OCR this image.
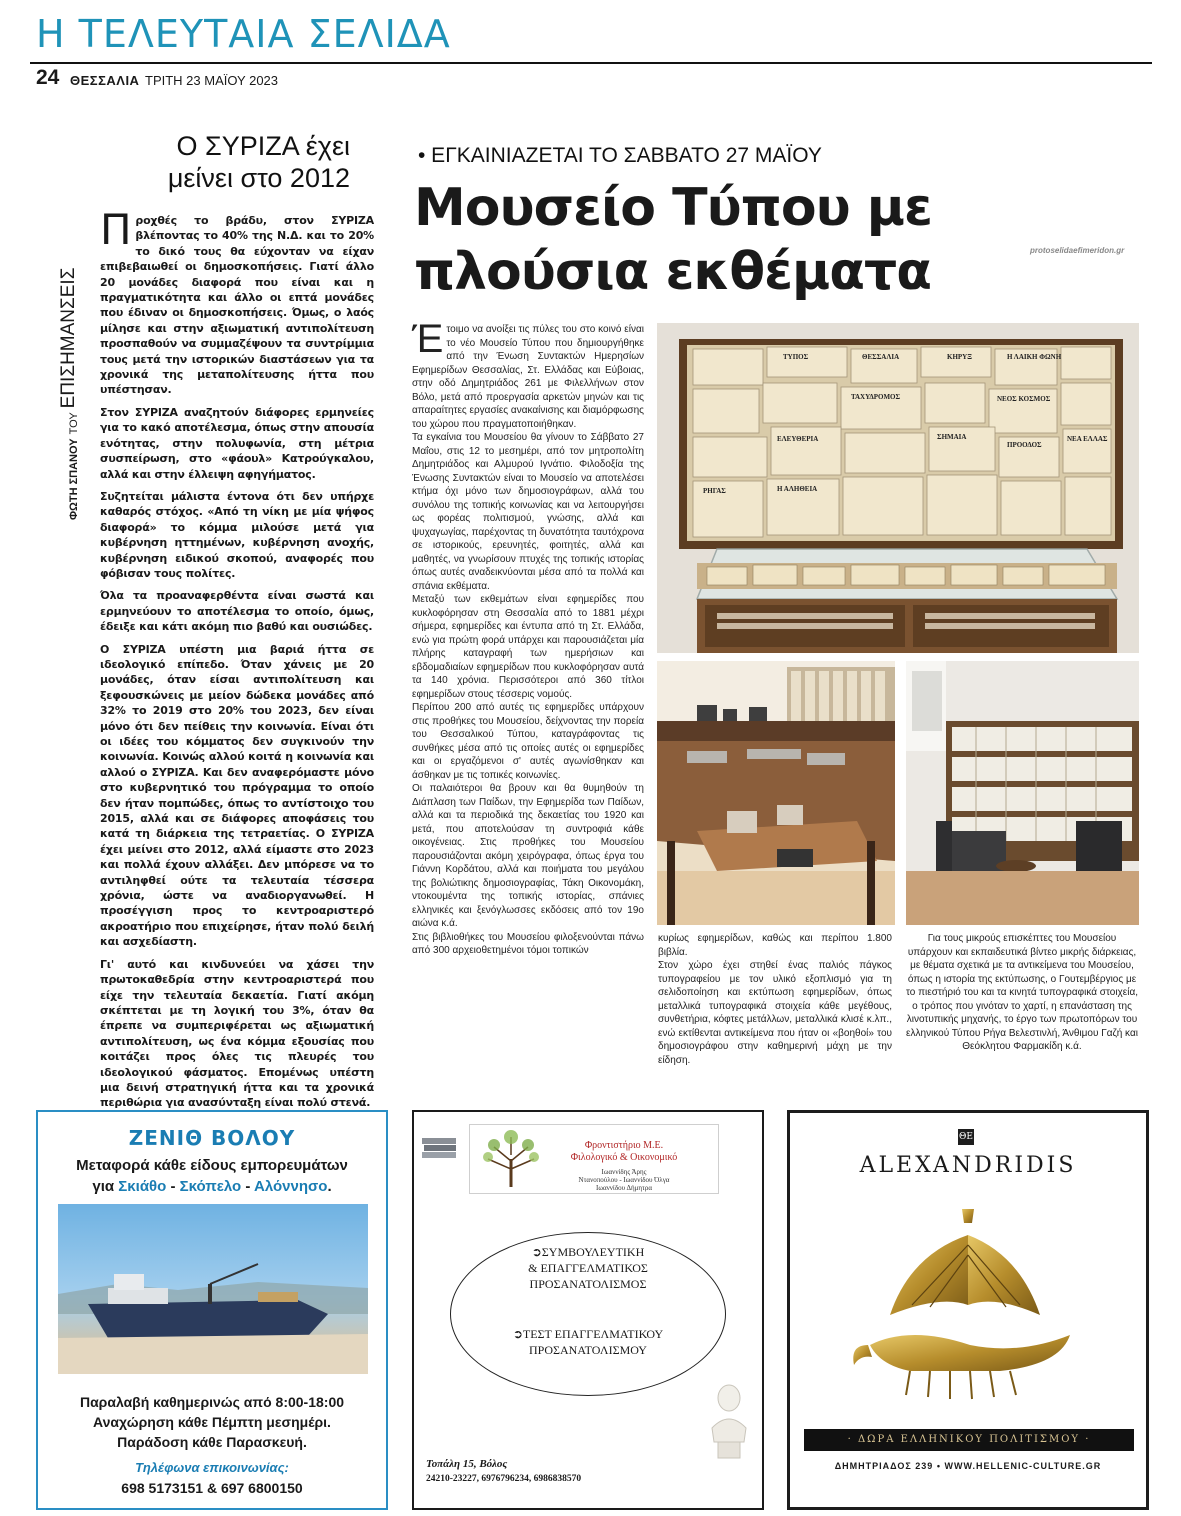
Η ΤΕΛΕΥΤΑΙΑ ΣΕΛΙΔΑ
24 ΘΕΣΣΑΛΙΑ ΤΡΙΤΗ 23 ΜΑΪΟΥ 2023
ΦΩΤΗ ΣΠΑΝΟΥ
ΤΟΥ
ΕΠΙΣΗΜΑΝΣΕΙΣ
Ο ΣΥΡΙΖΑ έχει
μείνει στο 2012

Προχθές το βράδυ, στον ΣΥΡΙΖΑ βλέποντας το 40% της Ν.Δ. και το 20% το δικό τους θα εύχονταν να είχαν επιβεβαιωθεί οι δημοσκοπήσεις. Γιατί άλλο 20 μονάδες διαφορά που είναι και η πραγματικότητα και άλλο οι επτά μονάδες που έδιναν οι δημοσκοπήσεις. Όμως, ο λαός μίλησε και στην αξιωματική αντιπολίτευση προσπαθούν να συμμαζέψουν τα συντρίμμια τους μετά την ιστορικών διαστάσεων για τα χρονικά της μεταπολίτευσης ήττα που υπέστησαν.

Στον ΣΥΡΙΖΑ αναζητούν διάφορες ερμηνείες για το κακό αποτέλεσμα, όπως στην απουσία ενότητας, στην πολυφωνία, στη μέτρια συσπείρωση, στο «φάουλ» Κατρούγκαλου, αλλά και στην έλλειψη αφηγήματος.

Συζητείται μάλιστα έντονα ότι δεν υπήρχε καθαρός στόχος. «Από τη νίκη με μία ψήφος διαφορά» το κόμμα μιλούσε μετά για κυβέρνηση ηττημένων, κυβέρνηση ανοχής, κυβέρνηση ειδικού σκοπού, αναφορές που φόβισαν τους πολίτες.

Όλα τα προαναφερθέντα είναι σωστά και ερμηνεύουν το αποτέλεσμα το οποίο, όμως, έδειξε και κάτι ακόμη πιο βαθύ και ουσιώδες.

Ο ΣΥΡΙΖΑ υπέστη μια βαριά ήττα σε ιδεολογικό επίπεδο. Όταν χάνεις με 20 μονάδες, όταν είσαι αντιπολίτευση και ξεφουσκώνεις με μείον δώδεκα μονάδες από 32% το 2019 στο 20% του 2023, δεν είναι μόνο ότι δεν πείθεις την κοινωνία. Είναι ότι οι ιδέες του κόμματος δεν συγκινούν την κοινωνία. Κοινώς αλλού κοιτά η κοινωνία και αλλού ο ΣΥΡΙΖΑ. Και δεν αναφερόμαστε μόνο στο κυβερνητικό του πρόγραμμα το οποίο δεν ήταν πομπώδες, όπως το αντίστοιχο του 2015, αλλά και σε διάφορες αποφάσεις του κατά τη διάρκεια της τετραετίας. Ο ΣΥΡΙΖΑ έχει μείνει στο 2012, αλλά είμαστε στο 2023 και πολλά έχουν αλλάξει. Δεν μπόρεσε να το αντιληφθεί ούτε τα τελευταία τέσσερα χρόνια, ώστε να αναδιοργανωθεί. Η προσέγγιση προς το κεντροαριστερό ακροατήριο που επιχείρησε, ήταν πολύ δειλή και ασχεδίαστη.

Γι' αυτό και κινδυνεύει να χάσει την πρωτοκαθεδρία στην κεντροαριστερά που είχε την τελευταία δεκαετία. Γιατί ακόμη σκέπτεται με τη λογική του 3%, όταν θα έπρεπε να συμπεριφέρεται ως αξιωματική αντιπολίτευση, ως ένα κόμμα εξουσίας που κοιτάζει προς όλες τις πλευρές του ιδεολογικού φάσματος. Επομένως υπέστη μια δεινή στρατηγική ήττα και τα χρονικά περιθώρια για ανασύνταξη είναι πολύ στενά.

• ΕΓΚΑΙΝΙΑΖΕΤΑΙ ΤΟ ΣΑΒΒΑΤΟ 27 ΜΑΪΟΥ
Μουσείο Τύπου με
πλούσια εκθέματα	protoselidaefimeridon.gr

Έτοιμο να ανοίξει τις πύλες του στο κοινό είναι το νέο Μουσείο Τύπου που δημιουργήθηκε από την Ένωση Συντακτών Ημερησίων Εφημερίδων Θεσσαλίας, Στ. Ελλάδας και Εύβοιας, στην οδό Δημητριάδος 261 με Φιλελλήνων στον Βόλο, μετά από προεργασία αρκετών μηνών και τις απαραίτητες εργασίες ανακαίνισης και διαμόρφωσης του χώρου που πραγματοποιήθηκαν.

Τα εγκαίνια του Μουσείου θα γίνουν το Σάββατο 27 Μαΐου, στις 12 το μεσημέρι, από τον μητροπολίτη Δημητριάδος και Αλμυρού Ιγνάτιο. Φιλοδοξία της Ένωσης Συντακτών είναι το Μουσείο να αποτελέσει κτήμα όχι μόνο των δημοσιογράφων, αλλά του συνόλου της τοπικής κοινωνίας και να λειτουργήσει ως φορέας πολιτισμού, γνώσης, αλλά και ψυχαγωγίας, παρέχοντας τη δυνατότητα ταυτόχρονα σε ιστορικούς, ερευνητές, φοιτητές, αλλά και μαθητές, να γνωρίσουν πτυχές της τοπικής ιστορίας όπως αυτές αναδεικνύονται μέσα από τα πολλά και σπάνια εκθέματα.

Μεταξύ των εκθεμάτων είναι εφημερίδες που κυκλοφόρησαν στη Θεσσαλία από το 1881 μέχρι σήμερα, εφημερίδες και έντυπα από τη Στ. Ελλάδα, ενώ για πρώτη φορά υπάρχει και παρουσιάζεται μία πλήρης καταγραφή των ημερήσιων και εβδομαδιαίων εφημερίδων που κυκλοφόρησαν αυτά τα 140 χρόνια. Περισσότεροι από 360 τίτλοι εφημερίδων στους τέσσερις νομούς.

Περίπου 200 από αυτές τις εφημερίδες υπάρχουν στις προθήκες του Μουσείου, δείχνοντας την πορεία του Θεσσαλικού Τύπου, καταγράφοντας τις συνθήκες μέσα από τις οποίες αυτές οι εφημερίδες και οι εργαζόμενοι σ' αυτές αγωνίσθηκαν και άσθηκαν με τις τοπικές κοινωνίες.

Οι παλαιότεροι θα βρουν και θα θυμηθούν τη Διάπλαση των Παίδων, την Εφημερίδα των Παίδων, αλλά και τα περιοδικά της δεκαετίας του 1920 και μετά, που αποτελούσαν τη συντροφιά κάθε οικογένειας. Στις προθήκες του Μουσείου παρουσιάζονται ακόμη χειρόγραφα, όπως έργα του Γιάννη Κορδάτου, αλλά και ποιήματα του μεγάλου της βολιώτικης δημοσιογραφίας, Τάκη Οικονομάκη, ντοκουμέντα της τοπικής ιστορίας, σπάνιες ελληνικές και ξενόγλωσσες εκδόσεις από τον 19ο αιώνα κ.ά.

Στις βιβλιοθήκες του Μουσείου φιλοξενούνται πάνω από 300 αρχειοθετημένοι τόμοι τοπικών

κυρίως εφημερίδων, καθώς και περίπου 1.800 βιβλία.

Στον χώρο έχει στηθεί ένας παλιός πάγκος τυπογραφείου με τον υλικό εξοπλισμό για τη σελιδοποίηση και εκτύπωση εφημερίδων, όπως μεταλλικά τυπογραφικά στοιχεία κάθε μεγέθους, συνθετήρια, κόφτες μετάλλων, μεταλλικά κλισέ κ.λπ., ενώ εκτίθενται αντικείμενα που ήταν οι «βοηθοί» του δημοσιογράφου στην καθημερινή μάχη με την είδηση.

Για τους μικρούς επισκέπτες του Μουσείου υπάρχουν και εκπαιδευτικά βίντεο μικρής διάρκειας, με θέματα σχετικά με τα αντικείμενα του Μουσείου, όπως η ιστορία της εκτύπωσης, ο Γουτεμβέργιος με το πιεστήριό του και τα κινητά τυπογραφικά στοιχεία, ο τρόπος που γινόταν το χαρτί, η επανάσταση της λινοτυπικής μηχανής, το έργο των πρωτοπόρων του ελληνικού Τύπου Ρήγα Βελεστινλή, Άνθιμου Γαζή και Θεόκλητου Φαρμακίδη κ.ά.

ΤΥΠΟΣ	ΘΕΣΣΑΛΙΑ	ΚΗΡΥΞ	Η ΛΑΙΚΗ ΦΩΝΗ
ΤΑΧΥΔΡΟΜΟΣ
ΕΛΕΥΘΕΡΙΑ	ΣΗΜΑΙΑ
ΠΡΟΟΔΟΣ
ΝΕΑ ΕΛΛΑΣ
ΝΕΟΣ ΚΟΣΜΟΣ
ΡΗΓΑΣ	Η ΑΛΗΘΕΙΑ
ΖΕΝΙΘ ΒΟΛΟΥ
Μεταφορά κάθε είδους εμπορευμάτων
για Σκιάθο - Σκόπελο - Αλόννησο.
Παραλαβή καθημερινώς από 8:00-18:00
Αναχώρηση κάθε Πέμπτη μεσημέρι.
Παράδοση κάθε Παρασκευή.
Τηλέφωνα επικοινωνίας:
698 5173151 & 697 6800150
Φροντιστήριο Μ.Ε.
Φιλολογικό & Οικονομικό
Ιωαννίδης Άρης
Ντανοπούλου - Ιωαννίδου Όλγα
Ιωαννίδου Δήμητρα
➲ΣΥΜΒΟΥΛΕΥΤΙΚΗ
& ΕΠΑΓΓΕΛΜΑΤΙΚΟΣ
ΠΡΟΣΑΝΑΤΟΛΙΣΜΟΣ
➲ΤΕΣΤ ΕΠΑΓΓΕΛΜΑΤΙΚΟΥ
ΠΡΟΣΑΝΑΤΟΛΙΣΜΟΥ
Τοπάλη 15, Βόλος
24210-23227, 6976796234, 6986838570
ΘΕ
ALEXANDRIDIS
· ΔΩΡΑ ΕΛΛΗΝΙΚΟΥ ΠΟΛΙΤΙΣΜΟΥ ·
ΔΗΜΗΤΡΙΑΔΟΣ 239 • WWW.HELLENIC-CULTURE.GR
